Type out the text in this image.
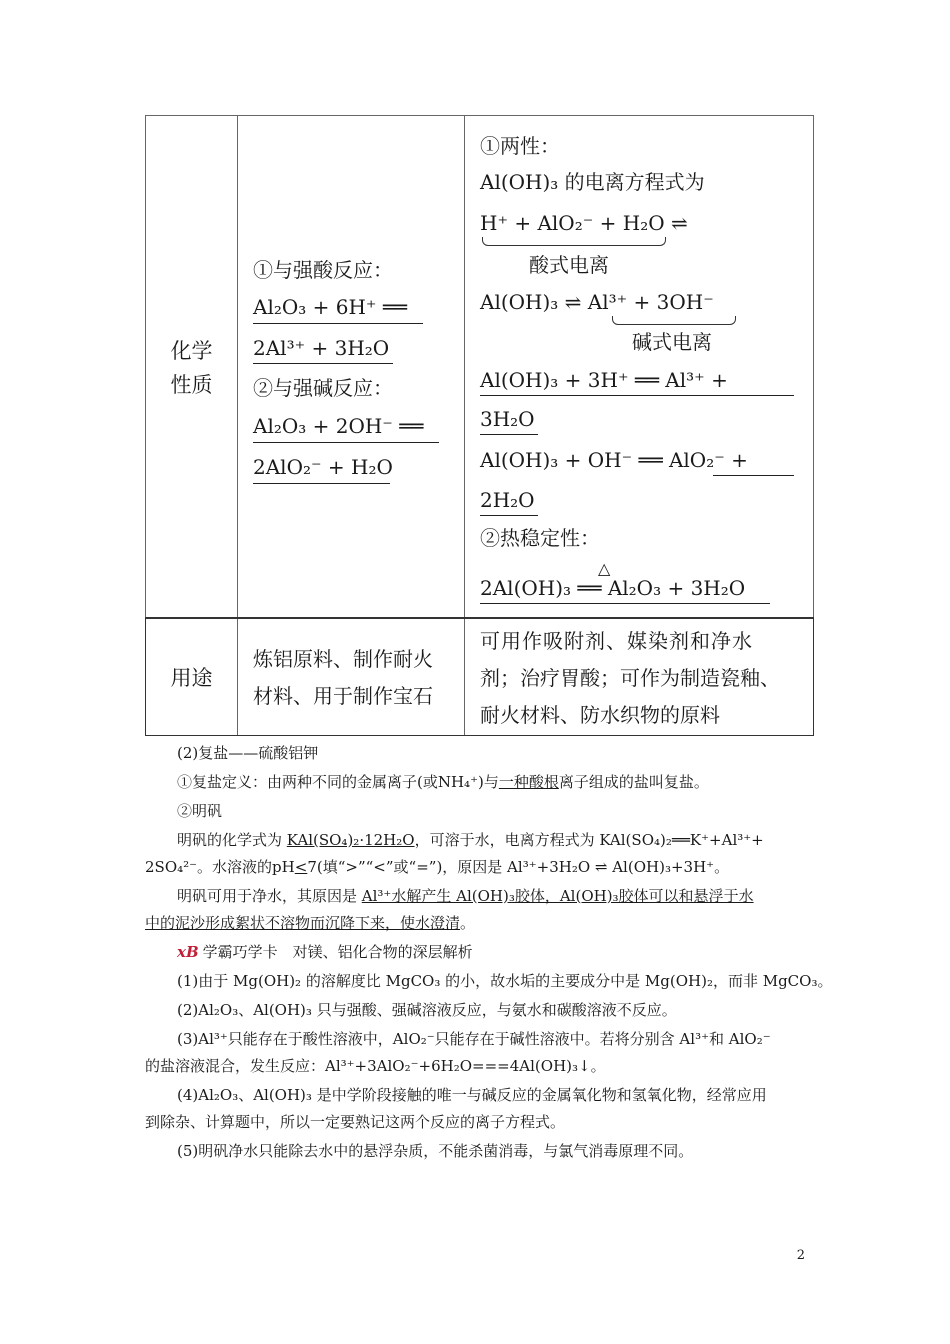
化学
性质
①与强酸反应：
Al₂O₃ + 6H⁺ ══
2Al³⁺ + 3H₂O
②与强碱反应：
Al₂O₃ + 2OH⁻ ══
2AlO₂⁻ + H₂O
①两性：
Al(OH)₃ 的电离方程式为
H⁺ + AlO₂⁻ + H₂O ⇌
酸式电离
Al(OH)₃ ⇌ Al³⁺ + 3OH⁻
碱式电离
Al(OH)₃ + 3H⁺ ══ Al³⁺ +
3H₂O
Al(OH)₃ + OH⁻ ══ AlO₂⁻ +
2H₂O
②热稳定性：
△
2Al(OH)₃ ══ Al₂O₃ + 3H₂O
用途
炼铝原料、制作耐火
材料、用于制作宝石
可用作吸附剂、媒染剂和净水
剂；治疗胃酸；可作为制造瓷釉、
耐火材料、防水织物的原料
(2)复盐——硫酸铝钾
①复盐定义：由两种不同的金属离子(或NH₄⁺)与一种酸根离子组成的盐叫复盐。
②明矾
明矾的化学式为 KAl(SO₄)₂·12H₂O，可溶于水，电离方程式为 KAl(SO₄)₂══K⁺+Al³⁺+
2SO₄²⁻。水溶液的pH<7(填“>”“<”或“=”)，原因是 Al³⁺+3H₂O ⇌ Al(OH)₃+3H⁺。
明矾可用于净水，其原因是 Al³⁺水解产生 Al(OH)₃胶体，Al(OH)₃胶体可以和悬浮于水
中的泥沙形成絮状不溶物而沉降下来，使水澄清。
xB 学霸巧学卡　对镁、铝化合物的深层解析
(1)由于 Mg(OH)₂ 的溶解度比 MgCO₃ 的小，故水垢的主要成分中是 Mg(OH)₂，而非 MgCO₃。
(2)Al₂O₃、Al(OH)₃ 只与强酸、强碱溶液反应，与氨水和碳酸溶液不反应。
(3)Al³⁺只能存在于酸性溶液中，AlO₂⁻只能存在于碱性溶液中。若将分别含 Al³⁺和 AlO₂⁻
的盐溶液混合，发生反应：Al³⁺+3AlO₂⁻+6H₂O===4Al(OH)₃↓。
(4)Al₂O₃、Al(OH)₃ 是中学阶段接触的唯一与碱反应的金属氧化物和氢氧化物，经常应用
到除杂、计算题中，所以一定要熟记这两个反应的离子方程式。
(5)明矾净水只能除去水中的悬浮杂质，不能杀菌消毒，与氯气消毒原理不同。
2
